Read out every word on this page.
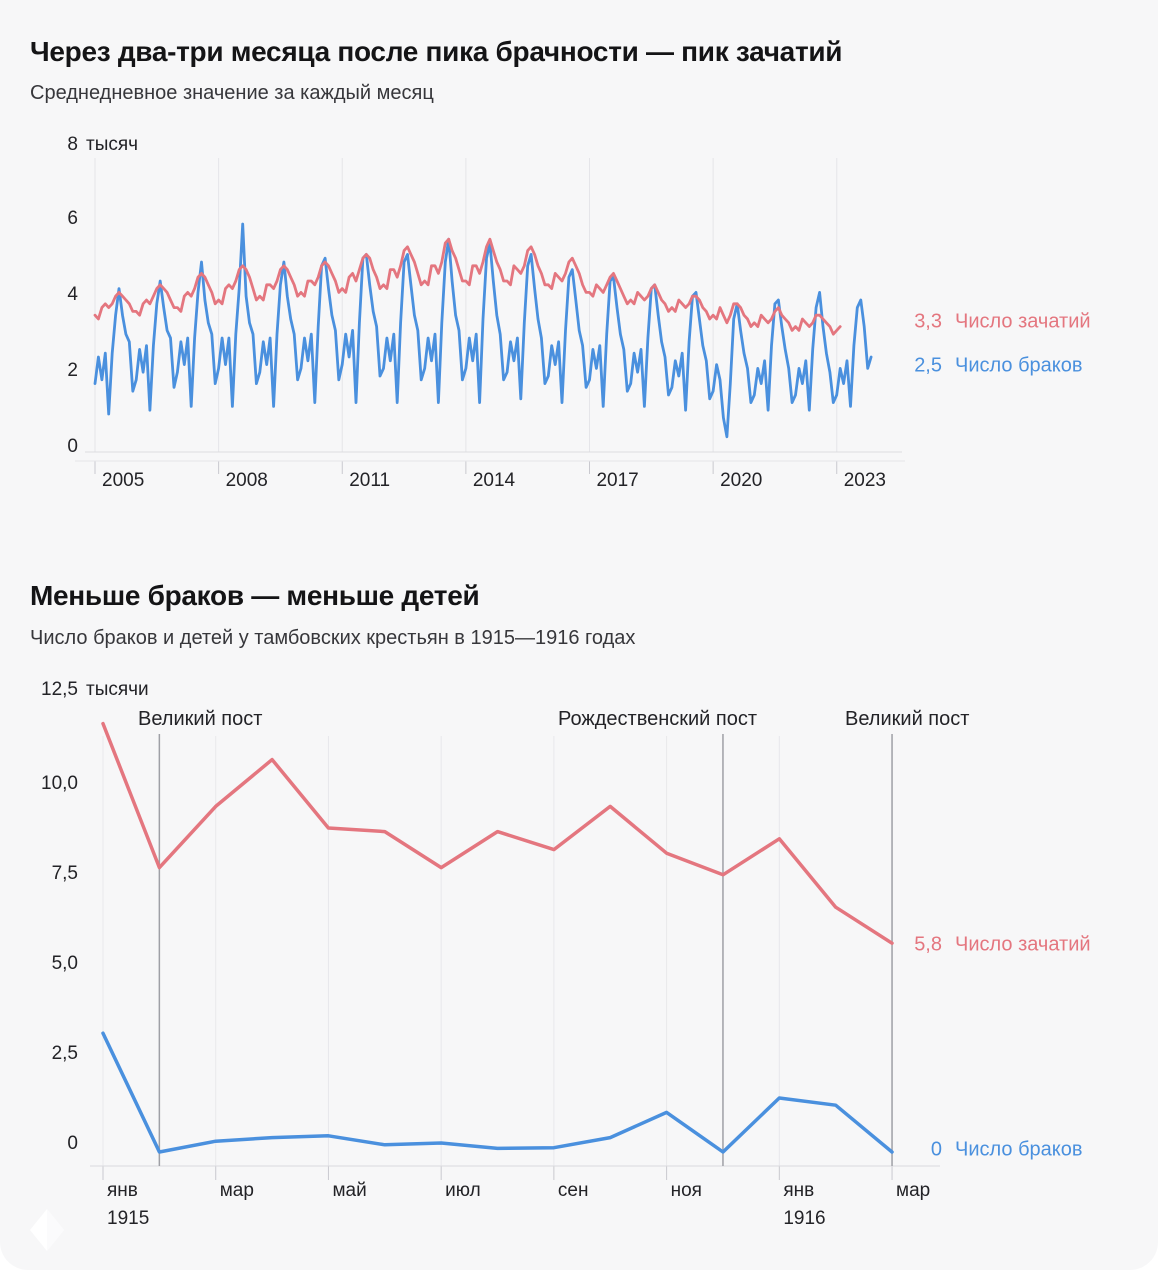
2005	2008	2011	2014	2017	2020	2023
0
2
4
6
янв	мар	май	июл	сен	ноя	янв	мар
1915	1916
0
2,5
5,0
7,5
10,0
Через два-три месяца после пика брачности — пик зачатий
Среднедневное значение за каждый месяц
8 тысяч
3,3 Число зачатий
2,5 Число браков
Меньше браков — меньше детей
Число браков и детей у тамбовских крестьян в 1915—1916 годах
12,5 тысячи
Великий пост	Рождественский пост	Великий пост
5,8 Число зачатий
0 Число браков
